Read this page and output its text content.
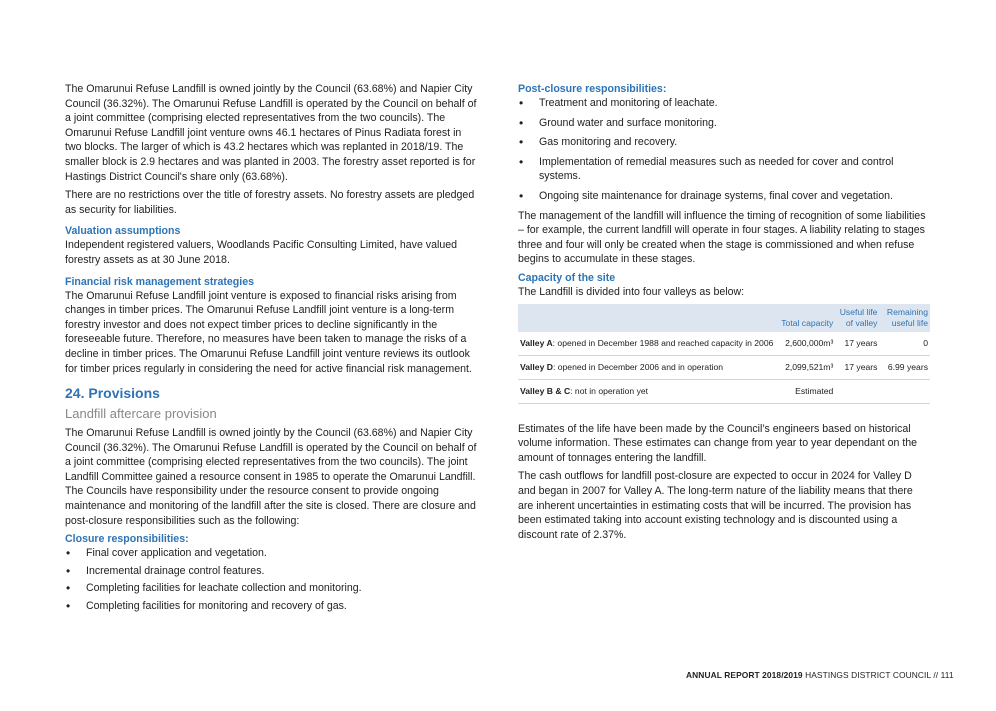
The Omarunui Refuse Landfill is owned jointly by the Council (63.68%) and Napier City Council (36.32%). The Omarunui Refuse Landfill is operated by the Council on behalf of a joint committee (comprising elected representatives from the two councils). The Omarunui Refuse Landfill joint venture owns 46.1 hectares of Pinus Radiata forest in two blocks. The larger of which is 43.2 hectares which was replanted in 2018/19. The smaller block is 2.9 hectares and was planted in 2003. The forestry asset reported is for Hastings District Council's share only (63.68%).

There are no restrictions over the title of forestry assets. No forestry assets are pledged as security for liabilities.

Valuation assumptions

Independent registered valuers, Woodlands Pacific Consulting Limited, have valued forestry assets as at 30 June 2018.

Financial risk management strategies

The Omarunui Refuse Landfill joint venture is exposed to financial risks arising from changes in timber prices. The Omarunui Refuse Landfill joint venture is a long-term forestry investor and does not expect timber prices to decline significantly in the foreseeable future. Therefore, no measures have been taken to manage the risks of a decline in timber prices. The Omarunui Refuse Landfill joint venture reviews its outlook for timber prices regularly in considering the need for active financial risk management.

24. Provisions
Landfill aftercare provision

The Omarunui Refuse Landfill is owned jointly by the Council (63.68%) and Napier City Council (36.32%). The Omarunui Refuse Landfill is operated by the Council on behalf of a joint committee (comprising elected representatives from the two councils). The joint Landfill Committee gained a resource consent in 1985 to operate the Omarunui Landfill. The Councils have responsibility under the resource consent to provide ongoing maintenance and monitoring of the landfill after the site is closed. There are closure and post-closure responsibilities such as the following:

Closure responsibilities:
• Final cover application and vegetation.
• Incremental drainage control features.
• Completing facilities for leachate collection and monitoring.
• Completing facilities for monitoring and recovery of gas.
Post-closure responsibilities:
• Treatment and monitoring of leachate.
• Ground water and surface monitoring.
• Gas monitoring and recovery.
• Implementation of remedial measures such as needed for cover and control systems.
• Ongoing site maintenance for drainage systems, final cover and vegetation.

The management of the landfill will influence the timing of recognition of some liabilities – for example, the current landfill will operate in four stages. A liability relating to stages three and four will only be created when the stage is commissioned and when refuse begins to accumulate in these stages.

Capacity of the site

The Landfill is divided into four valleys as below:

	Total capacity	Useful life of valley	Remaining useful life
Valley A: opened in December 1988 and reached capacity in 2006	2,600,000m³	17 years	0
Valley D: opened in December 2006 and in operation	2,099,521m³	17 years	6.99 years
Valley B & C: not in operation yet	Estimated		

Estimates of the life have been made by the Council’s engineers based on historical volume information. These estimates can change from year to year dependant on the amount of tonnages entering the landfill.

The cash outflows for landfill post-closure are expected to occur in 2024 for Valley D and began in 2007 for Valley A. The long-term nature of the liability means that there are inherent uncertainties in estimating costs that will be incurred. The provision has been estimated taking into account existing technology and is discounted using a discount rate of 2.37%.

ANNUAL REPORT 2018/2019 HASTINGS DISTRICT COUNCIL // 111
